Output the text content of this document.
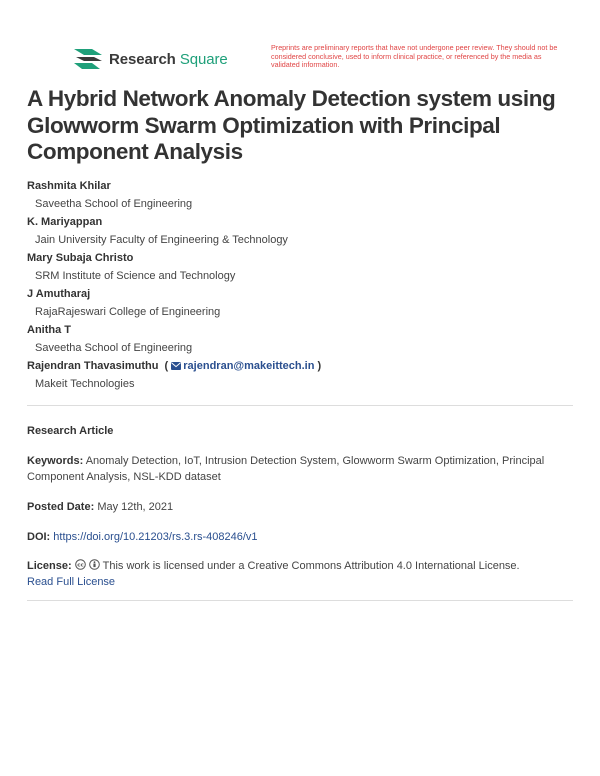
Research Square
Preprints are preliminary reports that have not undergone peer review. They should not be considered conclusive, used to inform clinical practice, or referenced by the media as validated information.
A Hybrid Network Anomaly Detection system using Glowworm Swarm Optimization with Principal Component Analysis
Rashmita Khilar
Saveetha School of Engineering
K. Mariyappan
Jain University Faculty of Engineering & Technology
Mary Subaja Christo
SRM Institute of Science and Technology
J Amutharaj
RajaRajeswari College of Engineering
Anitha T
Saveetha School of Engineering
Rajendran Thavasimuthu ( rajendran@makeittech.in )
Makeit Technologies
Research Article
Keywords: Anomaly Detection, IoT, Intrusion Detection System, Glowworm Swarm Optimization, Principal Component Analysis, NSL-KDD dataset
Posted Date: May 12th, 2021
DOI: https://doi.org/10.21203/rs.3.rs-408246/v1
License: cc This work is licensed under a Creative Commons Attribution 4.0 International License.
Read Full License
